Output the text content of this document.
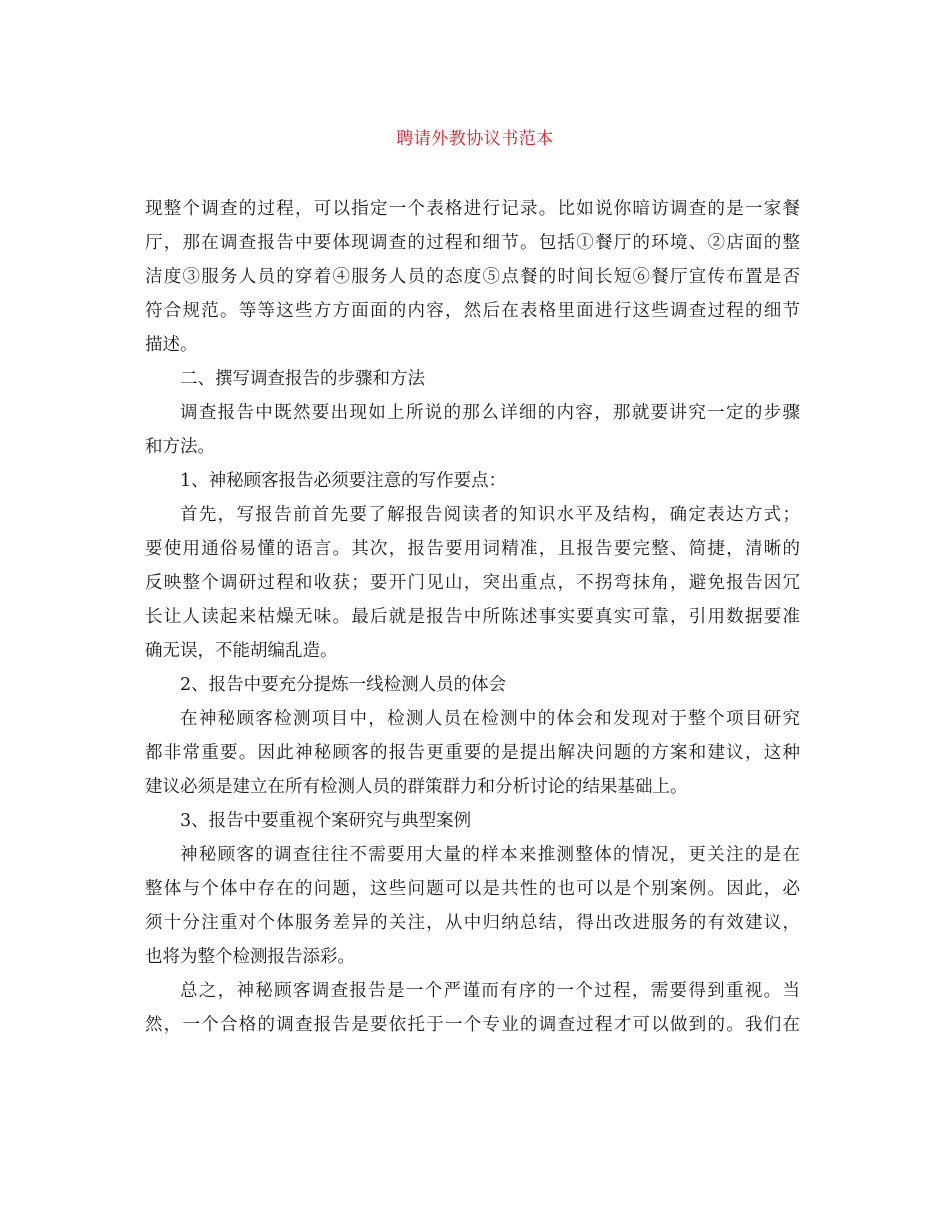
聘请外教协议书范本
现整个调查的过程，可以指定一个表格进行记录。比如说你暗访调查的是一家餐
厅，那在调查报告中要体现调查的过程和细节。包括①餐厅的环境、②店面的整
洁度③服务人员的穿着④服务人员的态度⑤点餐的时间长短⑥餐厅宣传布置是否
符合规范。等等这些方方面面的内容，然后在表格里面进行这些调查过程的细节
描述。
二、撰写调查报告的步骤和方法
调查报告中既然要出现如上所说的那么详细的内容，那就要讲究一定的步骤
和方法。
1、神秘顾客报告必须要注意的写作要点：
首先，写报告前首先要了解报告阅读者的知识水平及结构，确定表达方式；
要使用通俗易懂的语言。其次，报告要用词精准，且报告要完整、简捷，清晰的
反映整个调研过程和收获；要开门见山，突出重点，不拐弯抹角，避免报告因冗
长让人读起来枯燥无味。最后就是报告中所陈述事实要真实可靠，引用数据要准
确无误，不能胡编乱造。
2、报告中要充分提炼一线检测人员的体会
在神秘顾客检测项目中，检测人员在检测中的体会和发现对于整个项目研究
都非常重要。因此神秘顾客的报告更重要的是提出解决问题的方案和建议，这种
建议必须是建立在所有检测人员的群策群力和分析讨论的结果基础上。
3、报告中要重视个案研究与典型案例
神秘顾客的调查往往不需要用大量的样本来推测整体的情况，更关注的是在
整体与个体中存在的问题，这些问题可以是共性的也可以是个别案例。因此，必
须十分注重对个体服务差异的关注，从中归纳总结，得出改进服务的有效建议，
也将为整个检测报告添彩。
总之，神秘顾客调查报告是一个严谨而有序的一个过程，需要得到重视。当
然，一个合格的调查报告是要依托于一个专业的调查过程才可以做到的。我们在
